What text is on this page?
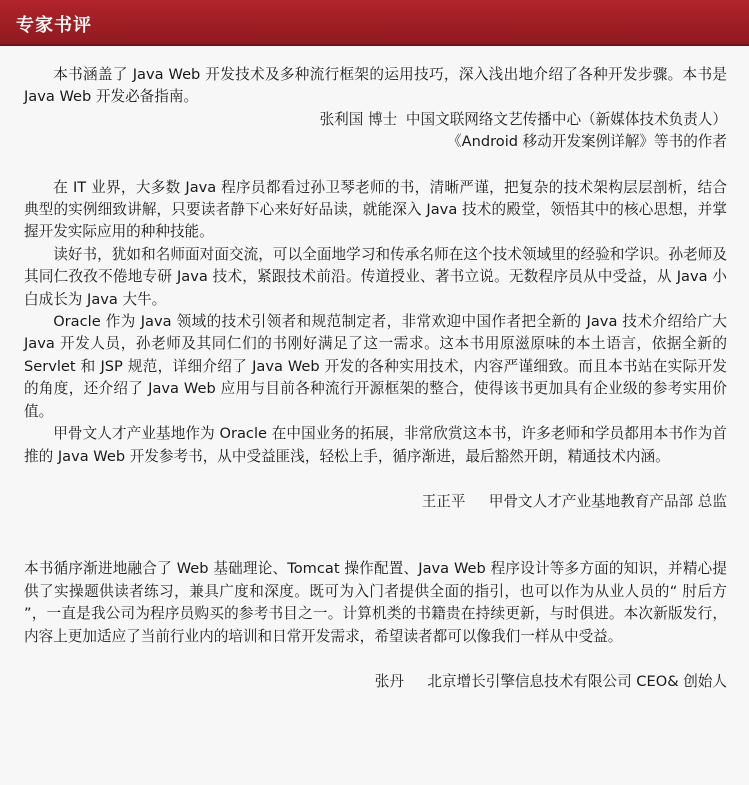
专家书评

本书涵盖了 Java Web 开发技术及多种流行框架的运用技巧，深入浅出地介绍了各种开发步骤。本书是 Java Web 开发必备指南。

张利国 博士 中国文联网络文艺传播中心（新媒体技术负责人）

《Android 移动开发案例详解》等书的作者

在 IT 业界，大多数 Java 程序员都看过孙卫琴老师的书，清晰严谨，把复杂的技术架构层层剖析，结合典型的实例细致讲解，只要读者静下心来好好品读，就能深入 Java 技术的殿堂，领悟其中的核心思想，并掌握开发实际应用的种种技能。

读好书，犹如和名师面对面交流，可以全面地学习和传承名师在这个技术领域里的经验和学识。孙老师及其同仁孜孜不倦地专研 Java 技术，紧跟技术前沿。传道授业、著书立说。无数程序员从中受益，从 Java 小白成长为 Java 大牛。

Oracle 作为 Java 领域的技术引领者和规范制定者，非常欢迎中国作者把全新的 Java 技术介绍给广大 Java 开发人员，孙老师及其同仁们的书刚好满足了这一需求。这本书用原滋原味的本土语言，依据全新的 Servlet 和 JSP 规范，详细介绍了 Java Web 开发的各种实用技术，内容严谨细致。而且本书站在实际开发的角度，还介绍了 Java Web 应用与目前各种流行开源框架的整合，使得该书更加具有企业级的参考实用价值。

甲骨文人才产业基地作为 Oracle 在中国业务的拓展，非常欣赏这本书，许多老师和学员都用本书作为首推的 Java Web 开发参考书，从中受益匪浅，轻松上手，循序渐进，最后豁然开朗，精通技术内涵。

王正平 甲骨文人才产业基地教育产品部 总监

本书循序渐进地融合了 Web 基础理论、Tomcat 操作配置、Java Web 程序设计等多方面的知识，并精心提供了实操题供读者练习，兼具广度和深度。既可为入门者提供全面的指引，也可以作为从业人员的“ 肘后方 ”，一直是我公司为程序员购买的参考书目之一。计算机类的书籍贵在持续更新，与时俱进。本次新版发行，内容上更加适应了当前行业内的培训和日常开发需求，希望读者都可以像我们一样从中受益。

张丹 北京增长引擎信息技术有限公司 CEO& 创始人
